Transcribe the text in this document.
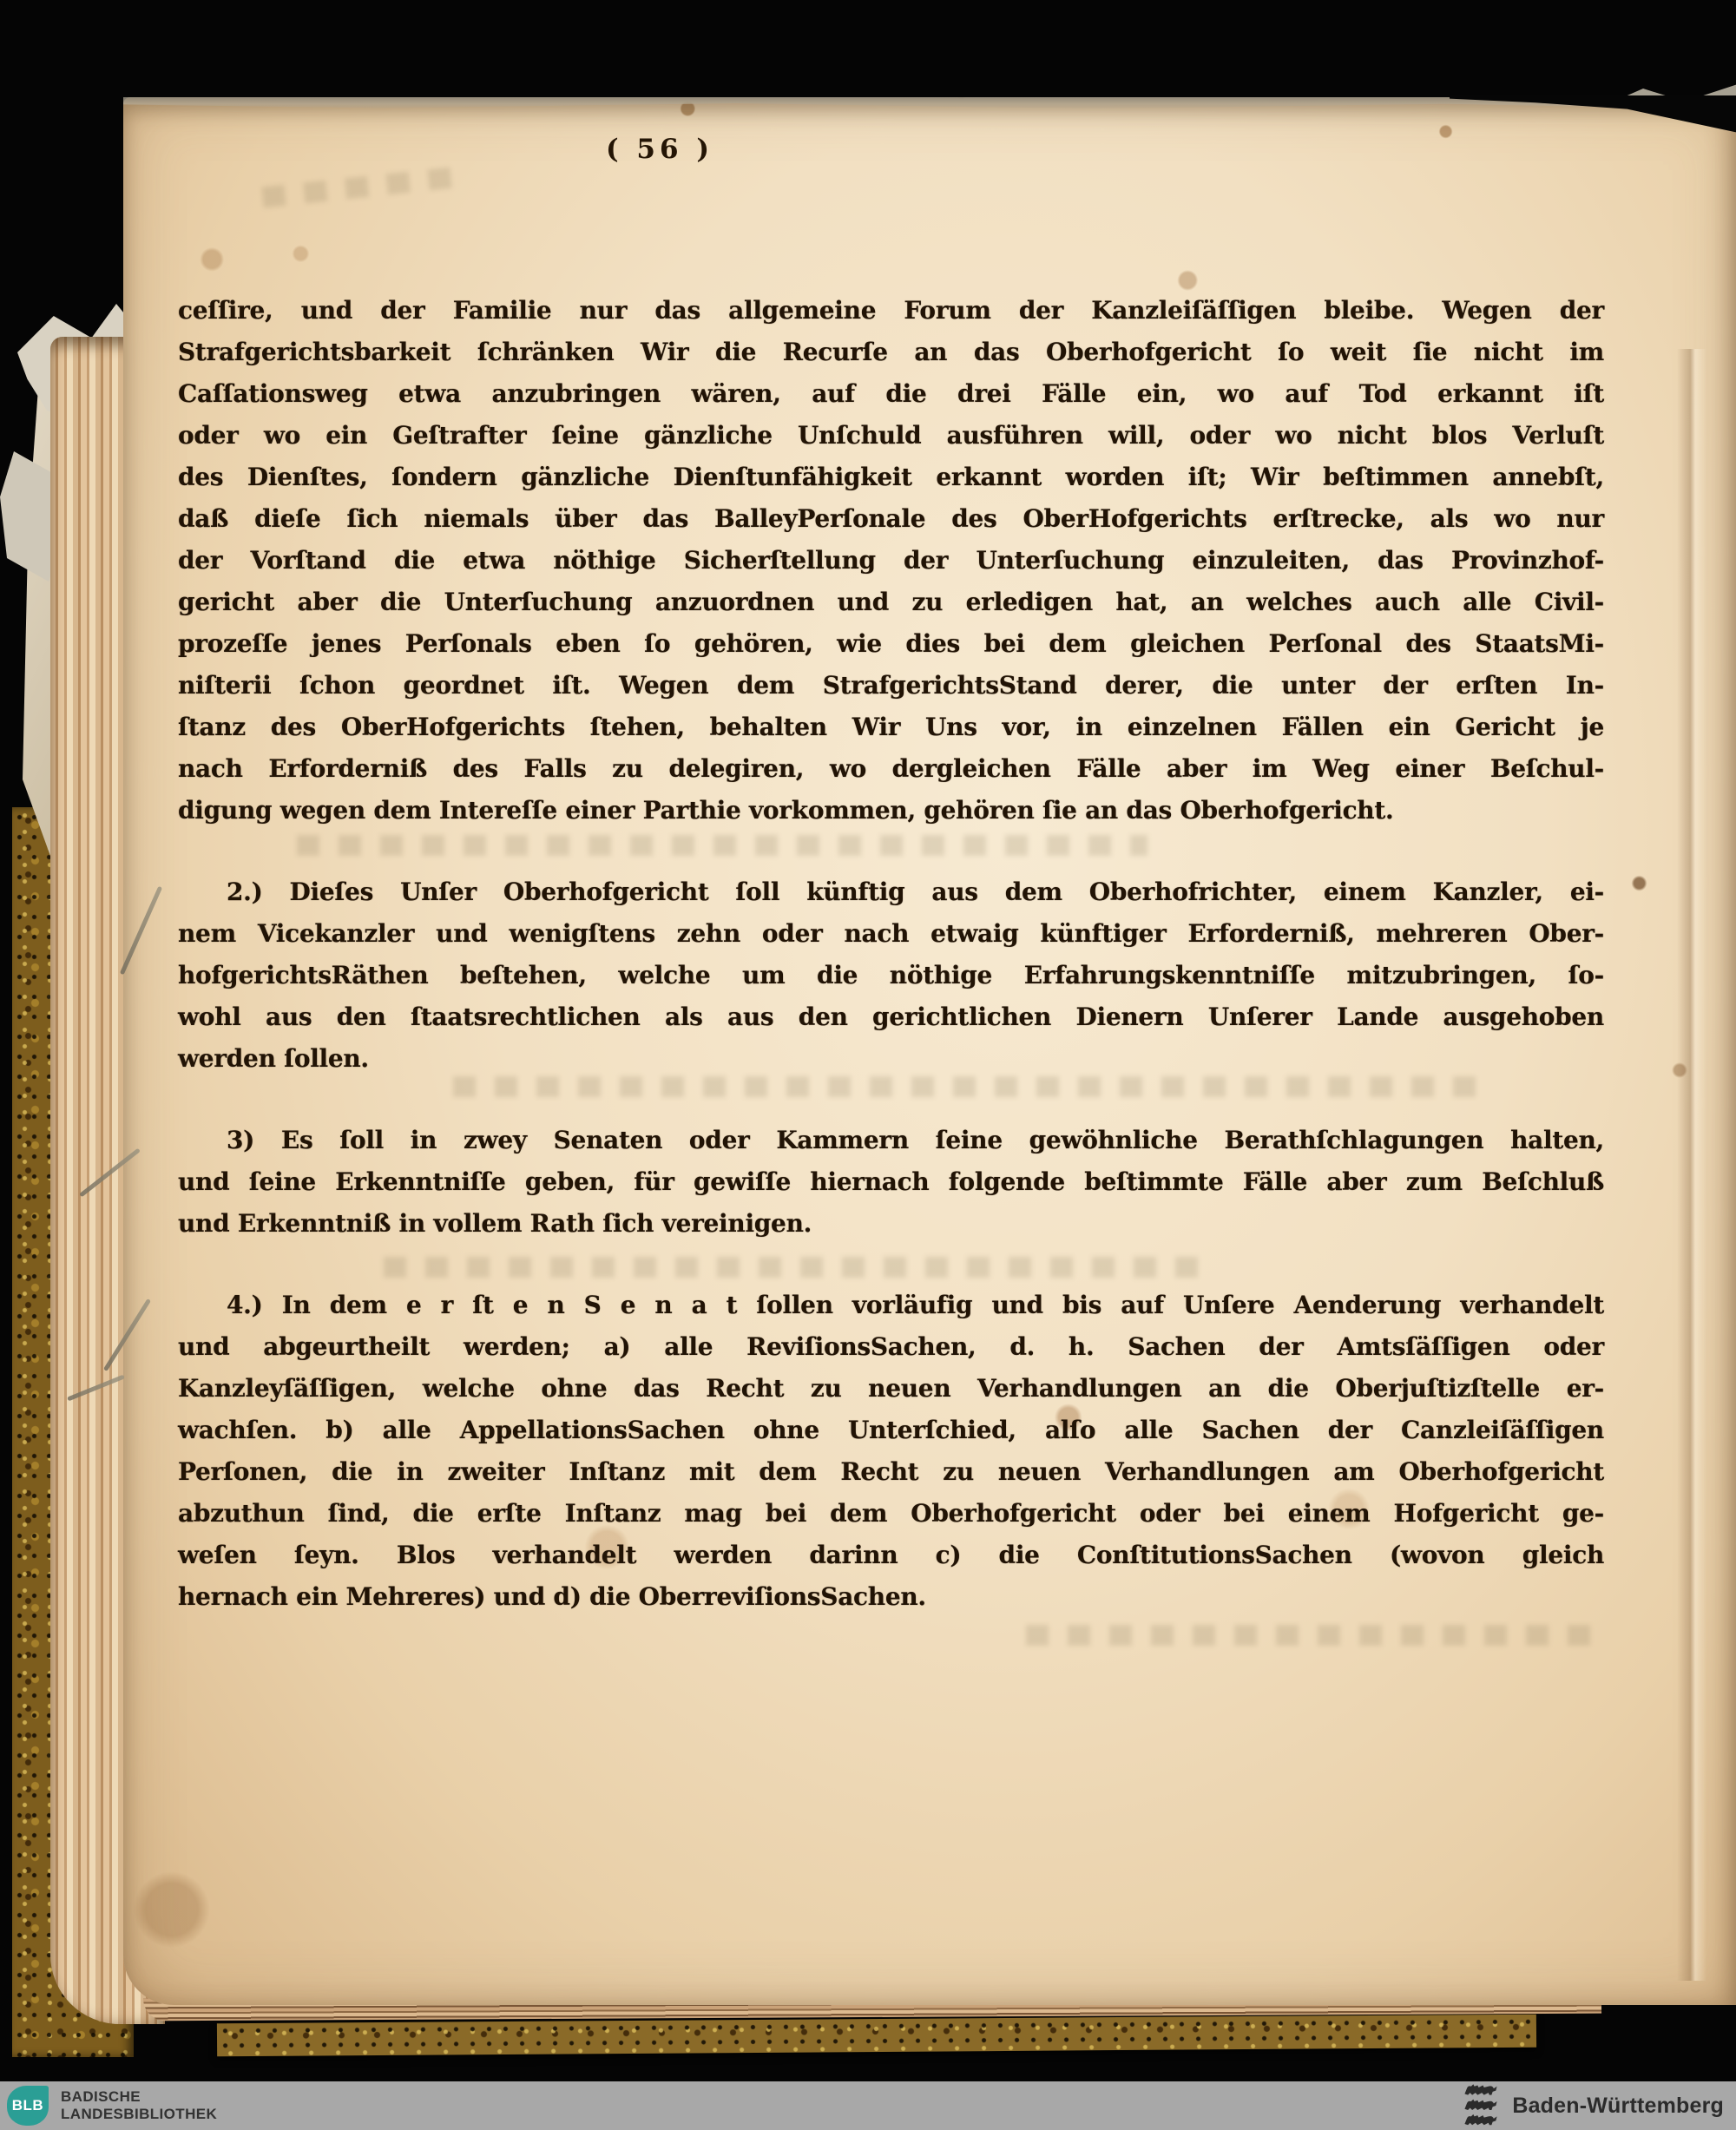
( 56 )
ceſſire, und der Familie nur das allgemeine Forum der Kanzleiſäſſigen bleibe. Wegen der
Strafgerichtsbarkeit ſchränken Wir die Recurſe an das Oberhofgericht ſo weit ſie nicht im
Caſſationsweg etwa anzubringen wären, auf die drei Fälle ein, wo auf Tod erkannt iſt
oder wo ein Geſtrafter ſeine gänzliche Unſchuld ausführen will, oder wo nicht blos Verluſt
des Dienſtes, ſondern gänzliche Dienſtunfähigkeit erkannt worden iſt; Wir beſtimmen annebſt,
daß dieſe ſich niemals über das BalleyPerſonale des OberHofgerichts erſtrecke, als wo nur
der Vorſtand die etwa nöthige Sicherſtellung der Unterſuchung einzuleiten, das Provinzhof-
gericht aber die Unterſuchung anzuordnen und zu erledigen hat, an welches auch alle Civil-
prozeſſe jenes Perſonals eben ſo gehören, wie dies bei dem gleichen Perſonal des StaatsMi-
niſterii ſchon geordnet iſt. Wegen dem StrafgerichtsStand derer, die unter der erſten In-
ſtanz des OberHofgerichts ſtehen, behalten Wir Uns vor, in einzelnen Fällen ein Gericht je
nach Erforderniß des Falls zu delegiren, wo dergleichen Fälle aber im Weg einer Beſchul-
digung wegen dem Intereſſe einer Parthie vorkommen, gehören ſie an das Oberhofgericht.
2.) Dieſes Unſer Oberhofgericht ſoll künftig aus dem Oberhofrichter, einem Kanzler, ei-
nem Vicekanzler und wenigſtens zehn oder nach etwaig künftiger Erforderniß, mehreren Ober-
hofgerichtsRäthen beſtehen, welche um die nöthige Erfahrungskenntniſſe mitzubringen, ſo-
wohl aus den ſtaatsrechtlichen als aus den gerichtlichen Dienern Unſerer Lande ausgehoben
werden ſollen.
3) Es ſoll in zwey Senaten oder Kammern ſeine gewöhnliche Berathſchlagungen halten,
und ſeine Erkenntniſſe geben, für gewiſſe hiernach folgende beſtimmte Fälle aber zum Beſchluß
und Erkenntniß in vollem Rath ſich vereinigen.
4.) In dem e r ſt e n S e n a t ſollen vorläufig und bis auf Unſere Aenderung verhandelt
und abgeurtheilt werden; a) alle ReviſionsSachen, d. h. Sachen der Amtsſäſſigen oder
Kanzleyſäſſigen, welche ohne das Recht zu neuen Verhandlungen an die Oberjuſtizſtelle er-
wachſen. b) alle AppellationsSachen ohne Unterſchied, alſo alle Sachen der Canzleiſäſſigen
Perſonen, die in zweiter Inſtanz mit dem Recht zu neuen Verhandlungen am Oberhofgericht
abzuthun ſind, die erſte Inſtanz mag bei dem Oberhofgericht oder bei einem Hofgericht ge-
weſen ſeyn. Blos verhandelt werden darinn c) die ConſtitutionsSachen (wovon gleich
hernach ein Mehreres) und d) die OberreviſionsSachen.
BLB
BADISCHE
LANDESBIBLIOTHEK	Baden-Württemberg
